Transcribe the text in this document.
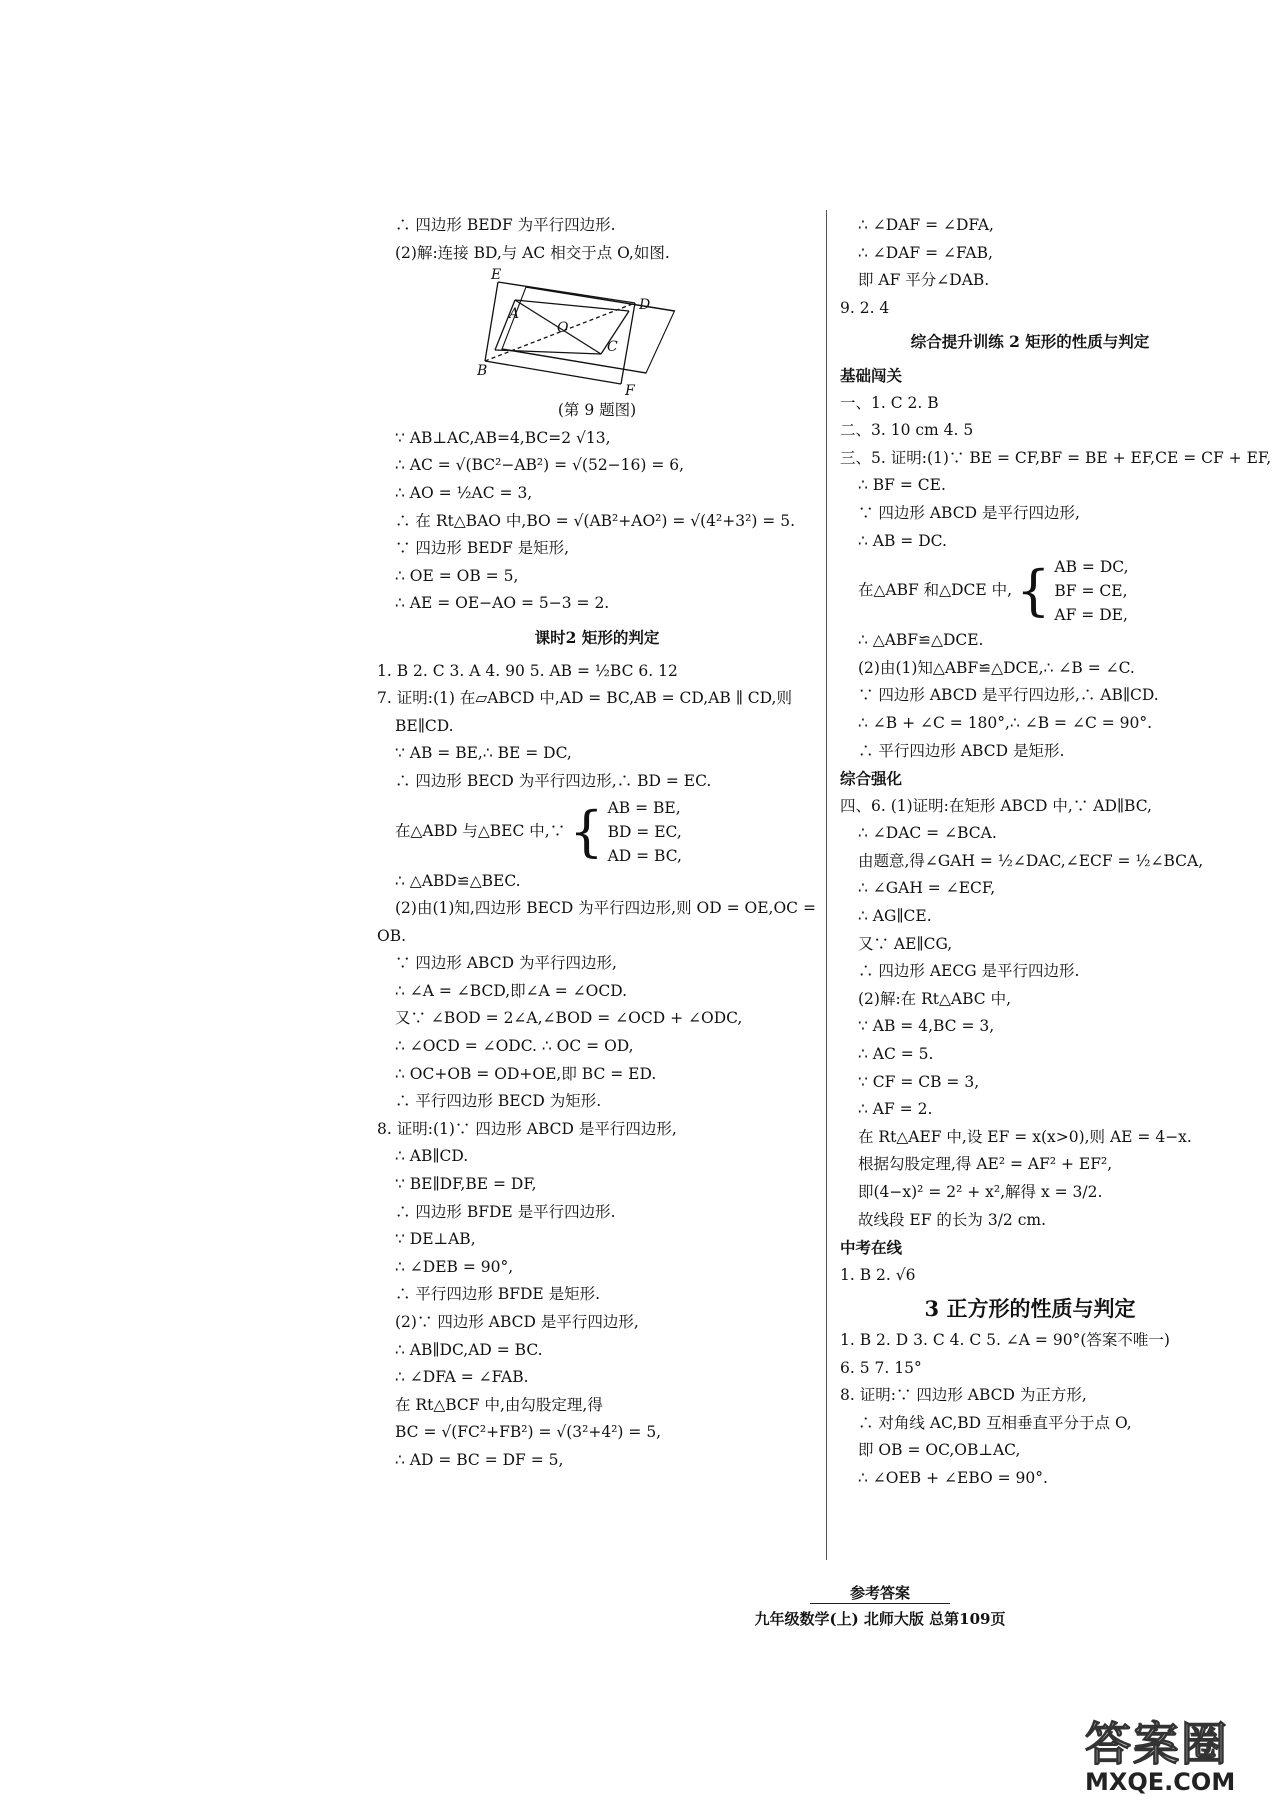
∴ 四边形 BEDF 为平行四边形.
(2)解:连接 BD,与 AC 相交于点 O,如图.
E
A
D
O
C
B
F
(第 9 题图)
∵ AB⊥AC,AB=4,BC=2 √13,
∴ AC = √(BC²−AB²) = √(52−16) = 6,
∴ AO = ½AC = 3,
∴ 在 Rt△BAO 中,BO = √(AB²+AO²) = √(4²+3²) = 5.
∵ 四边形 BEDF 是矩形,
∴ OE = OB = 5,
∴ AE = OE−AO = 5−3 = 2.
课时2 矩形的判定
1. B 2. C 3. A 4. 90 5. AB = ½BC 6. 12
7. 证明:(1) 在▱ABCD 中,AD = BC,AB = CD,AB ∥ CD,则
BE∥CD.
∵ AB = BE,∴ BE = DC,
∴ 四边形 BECD 为平行四边形,∴ BD = EC.
在△ABD 与△BEC 中,∵ { AB = BE,
BD = EC,
AD = BC,
∴ △ABD≌△BEC.
(2)由(1)知,四边形 BECD 为平行四边形,则 OD = OE,OC =
OB.
∵ 四边形 ABCD 为平行四边形,
∴ ∠A = ∠BCD,即∠A = ∠OCD.
又∵ ∠BOD = 2∠A,∠BOD = ∠OCD + ∠ODC,
∴ ∠OCD = ∠ODC. ∴ OC = OD,
∴ OC+OB = OD+OE,即 BC = ED.
∴ 平行四边形 BECD 为矩形.
8. 证明:(1)∵ 四边形 ABCD 是平行四边形,
∴ AB∥CD.
∵ BE∥DF,BE = DF,
∴ 四边形 BFDE 是平行四边形.
∵ DE⊥AB,
∴ ∠DEB = 90°,
∴ 平行四边形 BFDE 是矩形.
(2)∵ 四边形 ABCD 是平行四边形,
∴ AB∥DC,AD = BC.
∴ ∠DFA = ∠FAB.
在 Rt△BCF 中,由勾股定理,得
BC = √(FC²+FB²) = √(3²+4²) = 5,
∴ AD = BC = DF = 5,
∴ ∠DAF = ∠DFA,
∴ ∠DAF = ∠FAB,
即 AF 平分∠DAB.
9. 2. 4
综合提升训练 2 矩形的性质与判定
基础闯关
一、1. C 2. B
二、3. 10 cm 4. 5
三、5. 证明:(1)∵ BE = CF,BF = BE + EF,CE = CF + EF,
∴ BF = CE.
∵ 四边形 ABCD 是平行四边形,
∴ AB = DC.
在△ABF 和△DCE 中, { AB = DC,
BF = CE,
AF = DE,
∴ △ABF≌△DCE.
(2)由(1)知△ABF≌△DCE,∴ ∠B = ∠C.
∵ 四边形 ABCD 是平行四边形,∴ AB∥CD.
∴ ∠B + ∠C = 180°,∴ ∠B = ∠C = 90°.
∴ 平行四边形 ABCD 是矩形.
综合强化
四、6. (1)证明:在矩形 ABCD 中,∵ AD∥BC,
∴ ∠DAC = ∠BCA.
由题意,得∠GAH = ½∠DAC,∠ECF = ½∠BCA,
∴ ∠GAH = ∠ECF,
∴ AG∥CE.
又∵ AE∥CG,
∴ 四边形 AECG 是平行四边形.
(2)解:在 Rt△ABC 中,
∵ AB = 4,BC = 3,
∴ AC = 5.
∵ CF = CB = 3,
∴ AF = 2.
在 Rt△AEF 中,设 EF = x(x>0),则 AE = 4−x.
根据勾股定理,得 AE² = AF² + EF²,
即(4−x)² = 2² + x²,解得 x = 3/2.
故线段 EF 的长为 3/2 cm.
中考在线
1. B 2. √6
3 正方形的性质与判定
1. B 2. D 3. C 4. C 5. ∠A = 90°(答案不唯一)
6. 5 7. 15°
8. 证明:∵ 四边形 ABCD 为正方形,
∴ 对角线 AC,BD 互相垂直平分于点 O,
即 OB = OC,OB⊥AC,
∴ ∠OEB + ∠EBO = 90°.
参考答案
九年级数学(上) 北师大版 总第109页
答案圈
MXQE.COM
